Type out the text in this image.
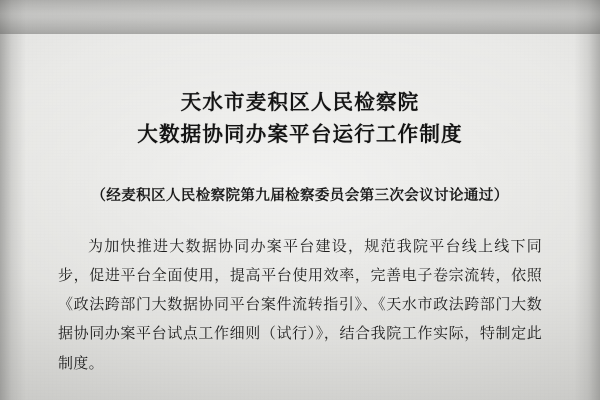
天水市麦积区人民检察院
大数据协同办案平台运行工作制度
（经麦积区人民检察院第九届检察委员会第三次会议讨论通过）
为加快推进大数据协同办案平台建设，规范我院平台线上线下同步，促进平台全面使用，提高平台使用效率，完善电子卷宗流转，依照《政法跨部门大数据协同平台案件流转指引》、《天水市政法跨部门大数据协同办案平台试点工作细则（试行）》，结合我院工作实际，特制定此制度。
